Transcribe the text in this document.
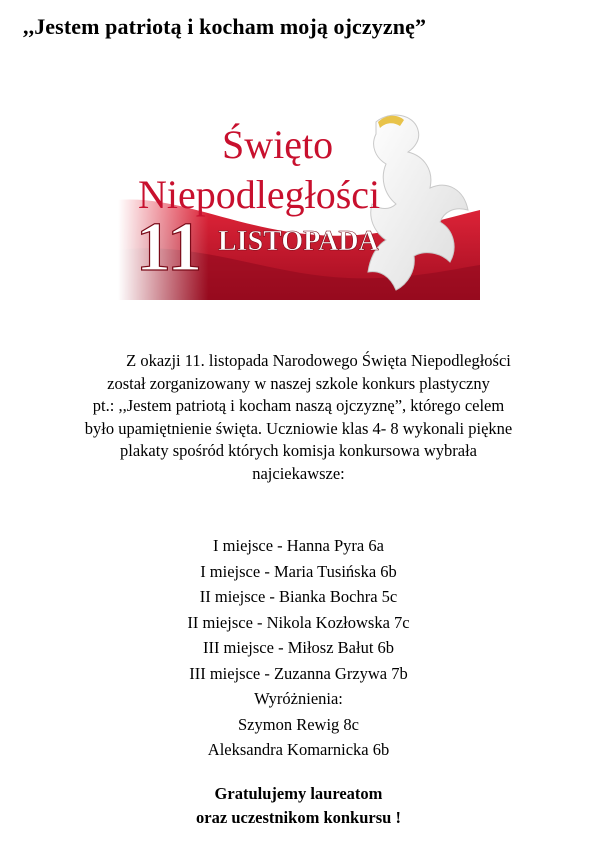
,,Jestem patriotą i kocham moją ojczyznę”
Święto
Niepodległości
11 LISTOPADA

Z okazji 11. listopada Narodowego Święta Niepodległości
został zorganizowany w naszej szkole konkurs plastyczny
pt.: ,,Jestem patriotą i kocham naszą ojczyznę”, którego celem
było upamiętnienie święta. Uczniowie klas 4- 8 wykonali piękne
plakaty spośród których komisja konkursowa wybrała
najciekawsze:

I miejsce - Hanna Pyra 6a
I miejsce - Maria Tusińska 6b
II miejsce - Bianka Bochra 5c
II miejsce - Nikola Kozłowska 7c
III miejsce - Miłosz Bałut 6b
III miejsce - Zuzanna Grzywa 7b
Wyróżnienia:
Szymon Rewig 8c
Aleksandra Komarnicka 6b

Gratulujemy laureatom
oraz uczestnikom konkursu !
